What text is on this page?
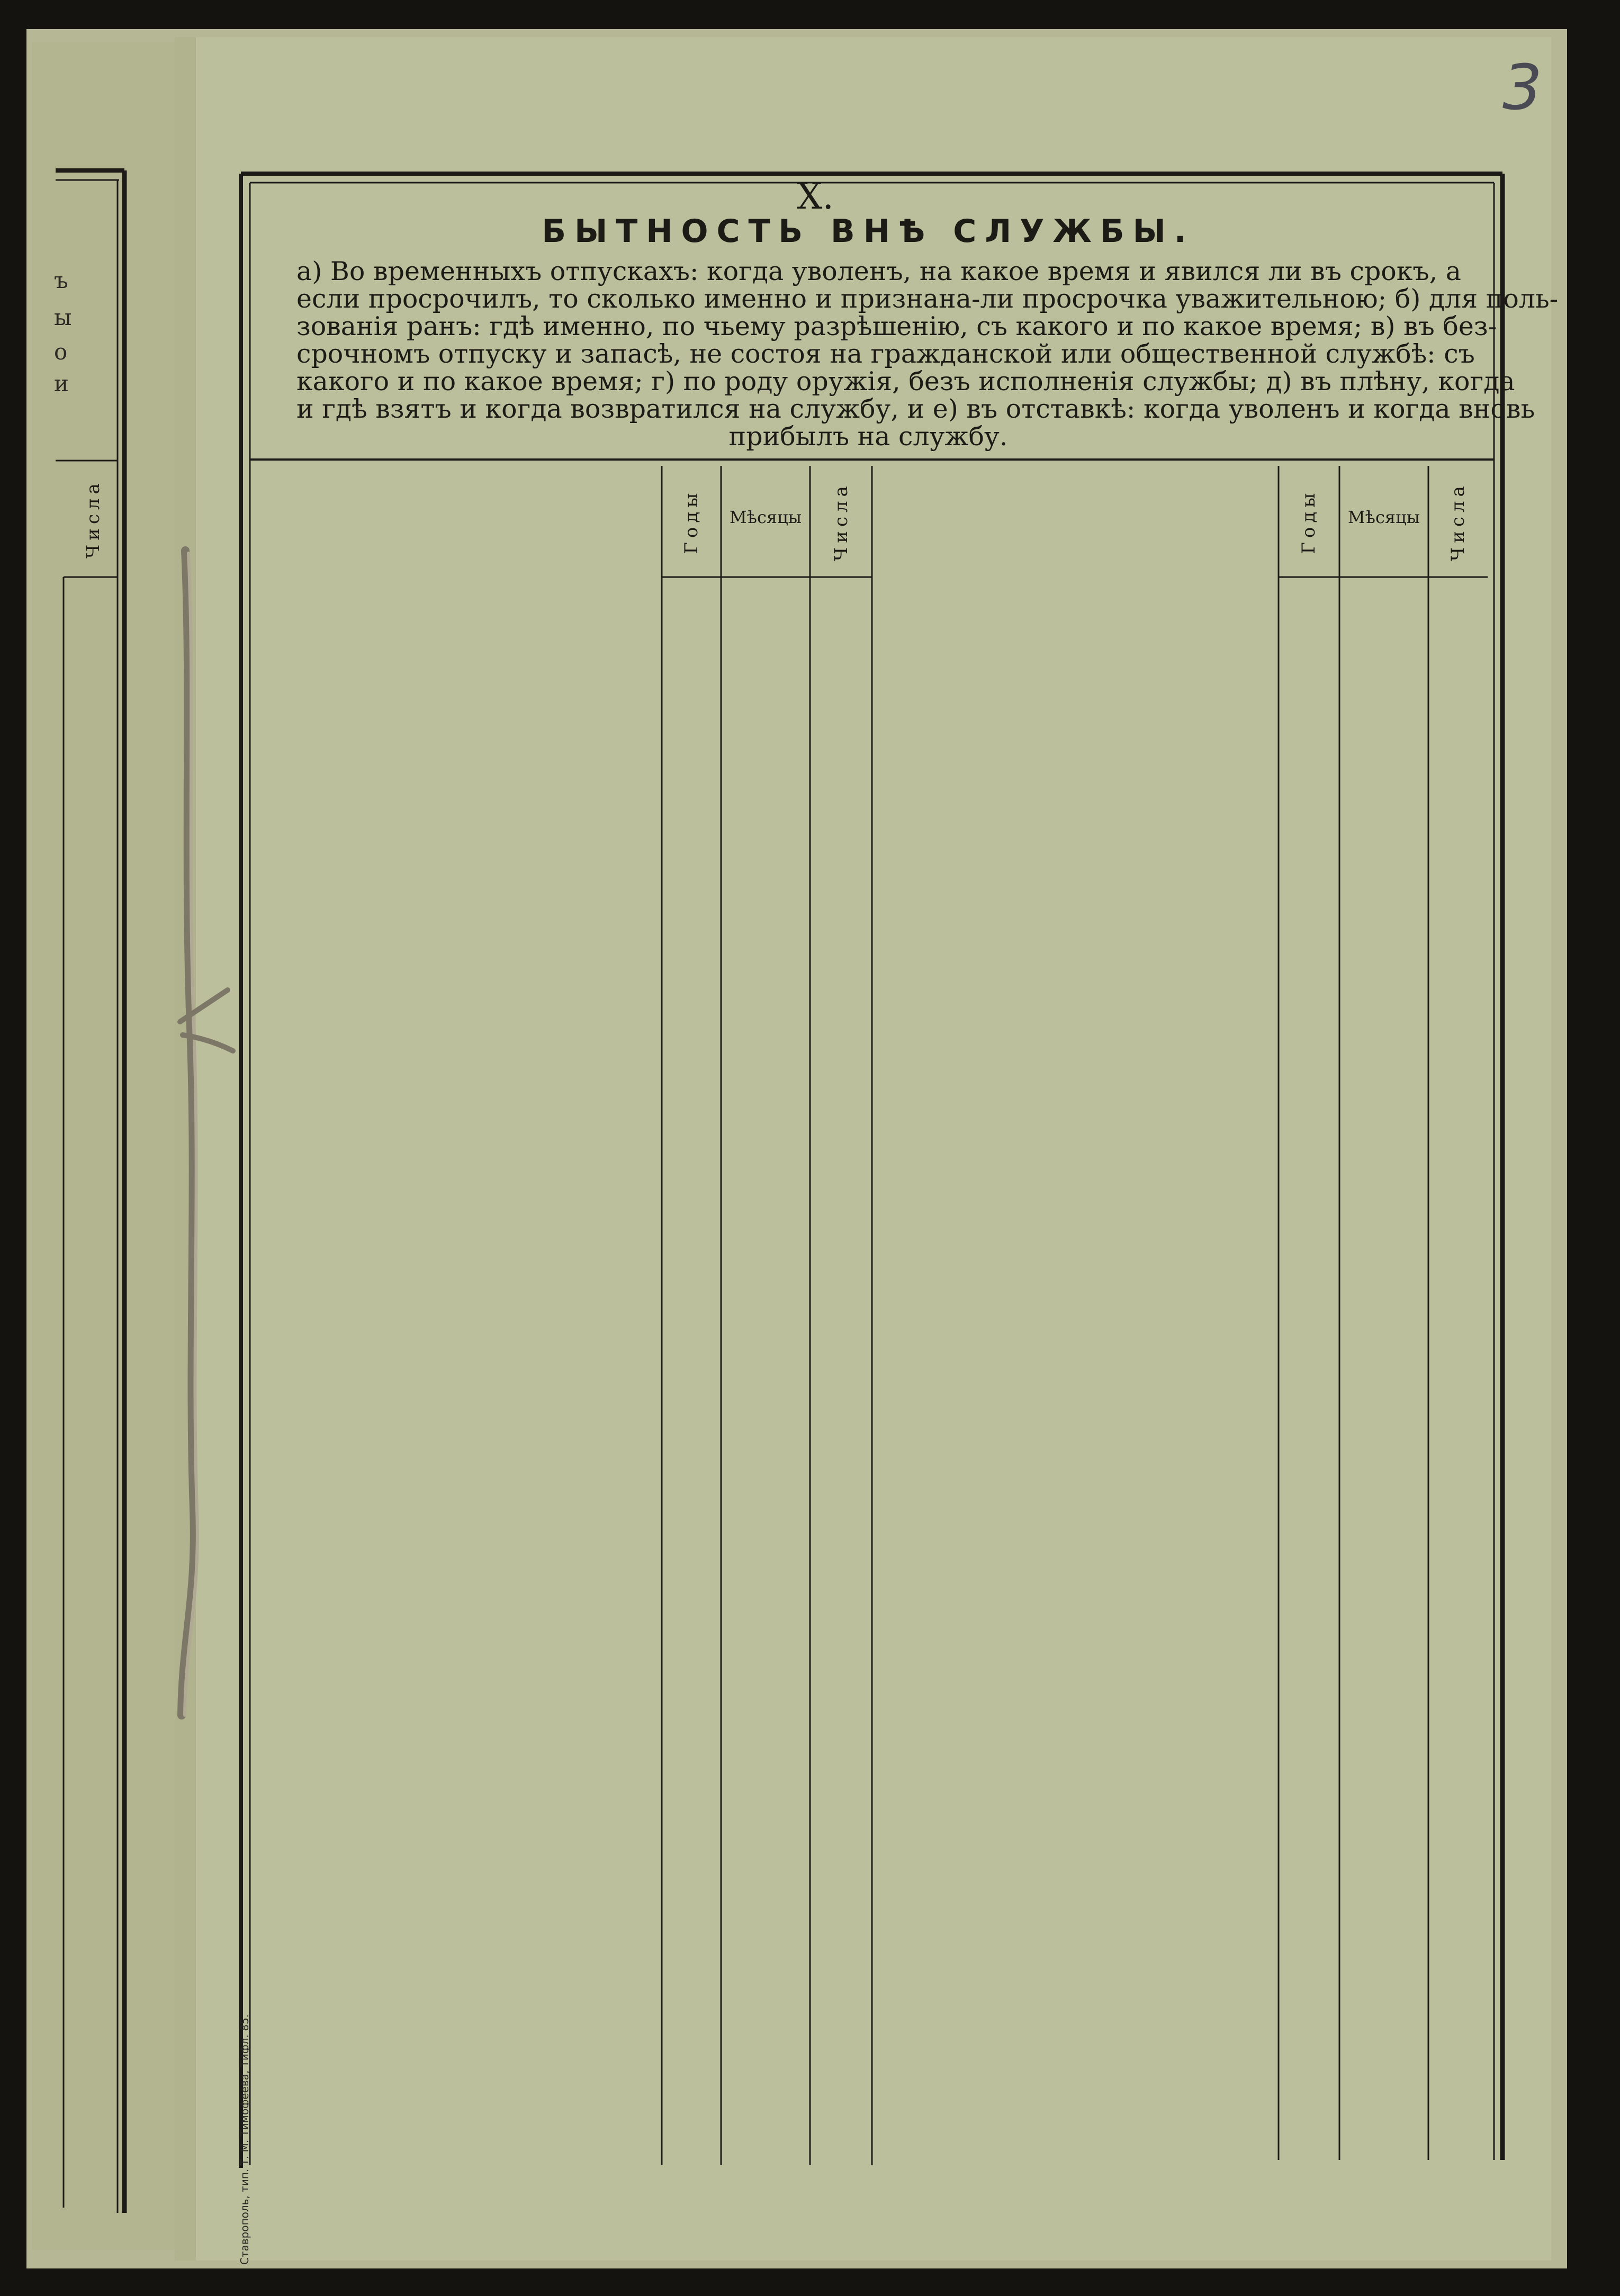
3
X.
БЫТНОСТЬ ВНѢ СЛУЖБЫ.
а) Во временныхъ отпускахъ: когда уволенъ, на какое время и явился ли въ срокъ, а
если просрочилъ, то сколько именно и признана-ли просрочка уважительною; б) для поль-
зованія ранъ: гдѣ именно, по чьему разрѣшенію, съ какого и по какое время; в) въ без-
срочномъ отпуску и запасѣ, не состоя на гражданской или общественной службѣ: съ
какого и по какое время; г) по роду оружія, безъ исполненія службы; д) въ плѣну, когда
и гдѣ взятъ и когда возвратился на службу, и е) въ отставкѣ: когда уволенъ и когда вновь
прибылъ на службу.
Годы	Мѣсяцы	Числа	Годы	Мѣсяцы	Числа
Числа
ъ
ы
о
и
Ставрополь, тип. Т. М. Тимофеева, Тифл. 85.
